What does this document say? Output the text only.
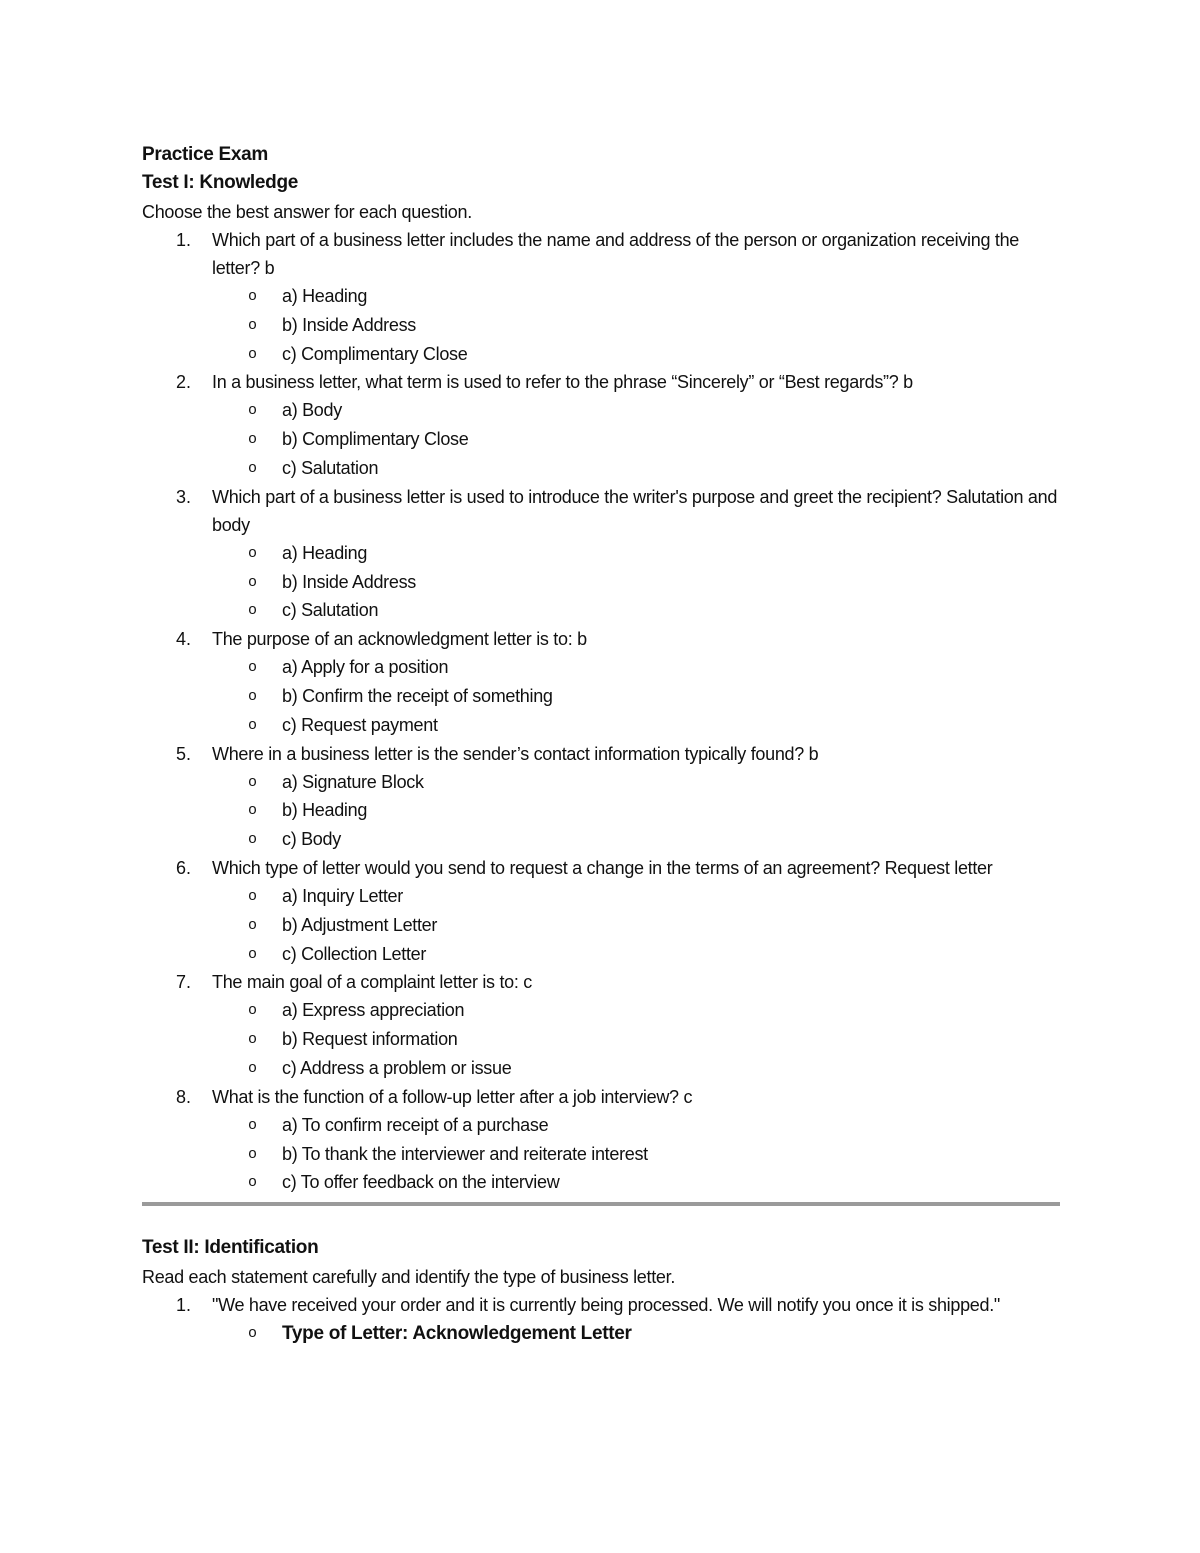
Practice Exam
Test I: Knowledge
Choose the best answer for each question.
1. Which part of a business letter includes the name and address of the person or organization receiving the letter? b
o a) Heading
o b) Inside Address
o c) Complimentary Close
2. In a business letter, what term is used to refer to the phrase “Sincerely” or “Best regards”? b
o a) Body
o b) Complimentary Close
o c) Salutation
3. Which part of a business letter is used to introduce the writer's purpose and greet the recipient? Salutation and body
o a) Heading
o b) Inside Address
o c) Salutation
4. The purpose of an acknowledgment letter is to: b
o a) Apply for a position
o b) Confirm the receipt of something
o c) Request payment
5. Where in a business letter is the sender’s contact information typically found? b
o a) Signature Block
o b) Heading
o c) Body
6. Which type of letter would you send to request a change in the terms of an agreement? Request letter
o a) Inquiry Letter
o b) Adjustment Letter
o c) Collection Letter
7. The main goal of a complaint letter is to: c
o a) Express appreciation
o b) Request information
o c) Address a problem or issue
8. What is the function of a follow-up letter after a job interview? c
o a) To confirm receipt of a purchase
o b) To thank the interviewer and reiterate interest
o c) To offer feedback on the interview
Test II: Identification
Read each statement carefully and identify the type of business letter.
1. "We have received your order and it is currently being processed. We will notify you once it is shipped."
o Type of Letter: Acknowledgement Letter
